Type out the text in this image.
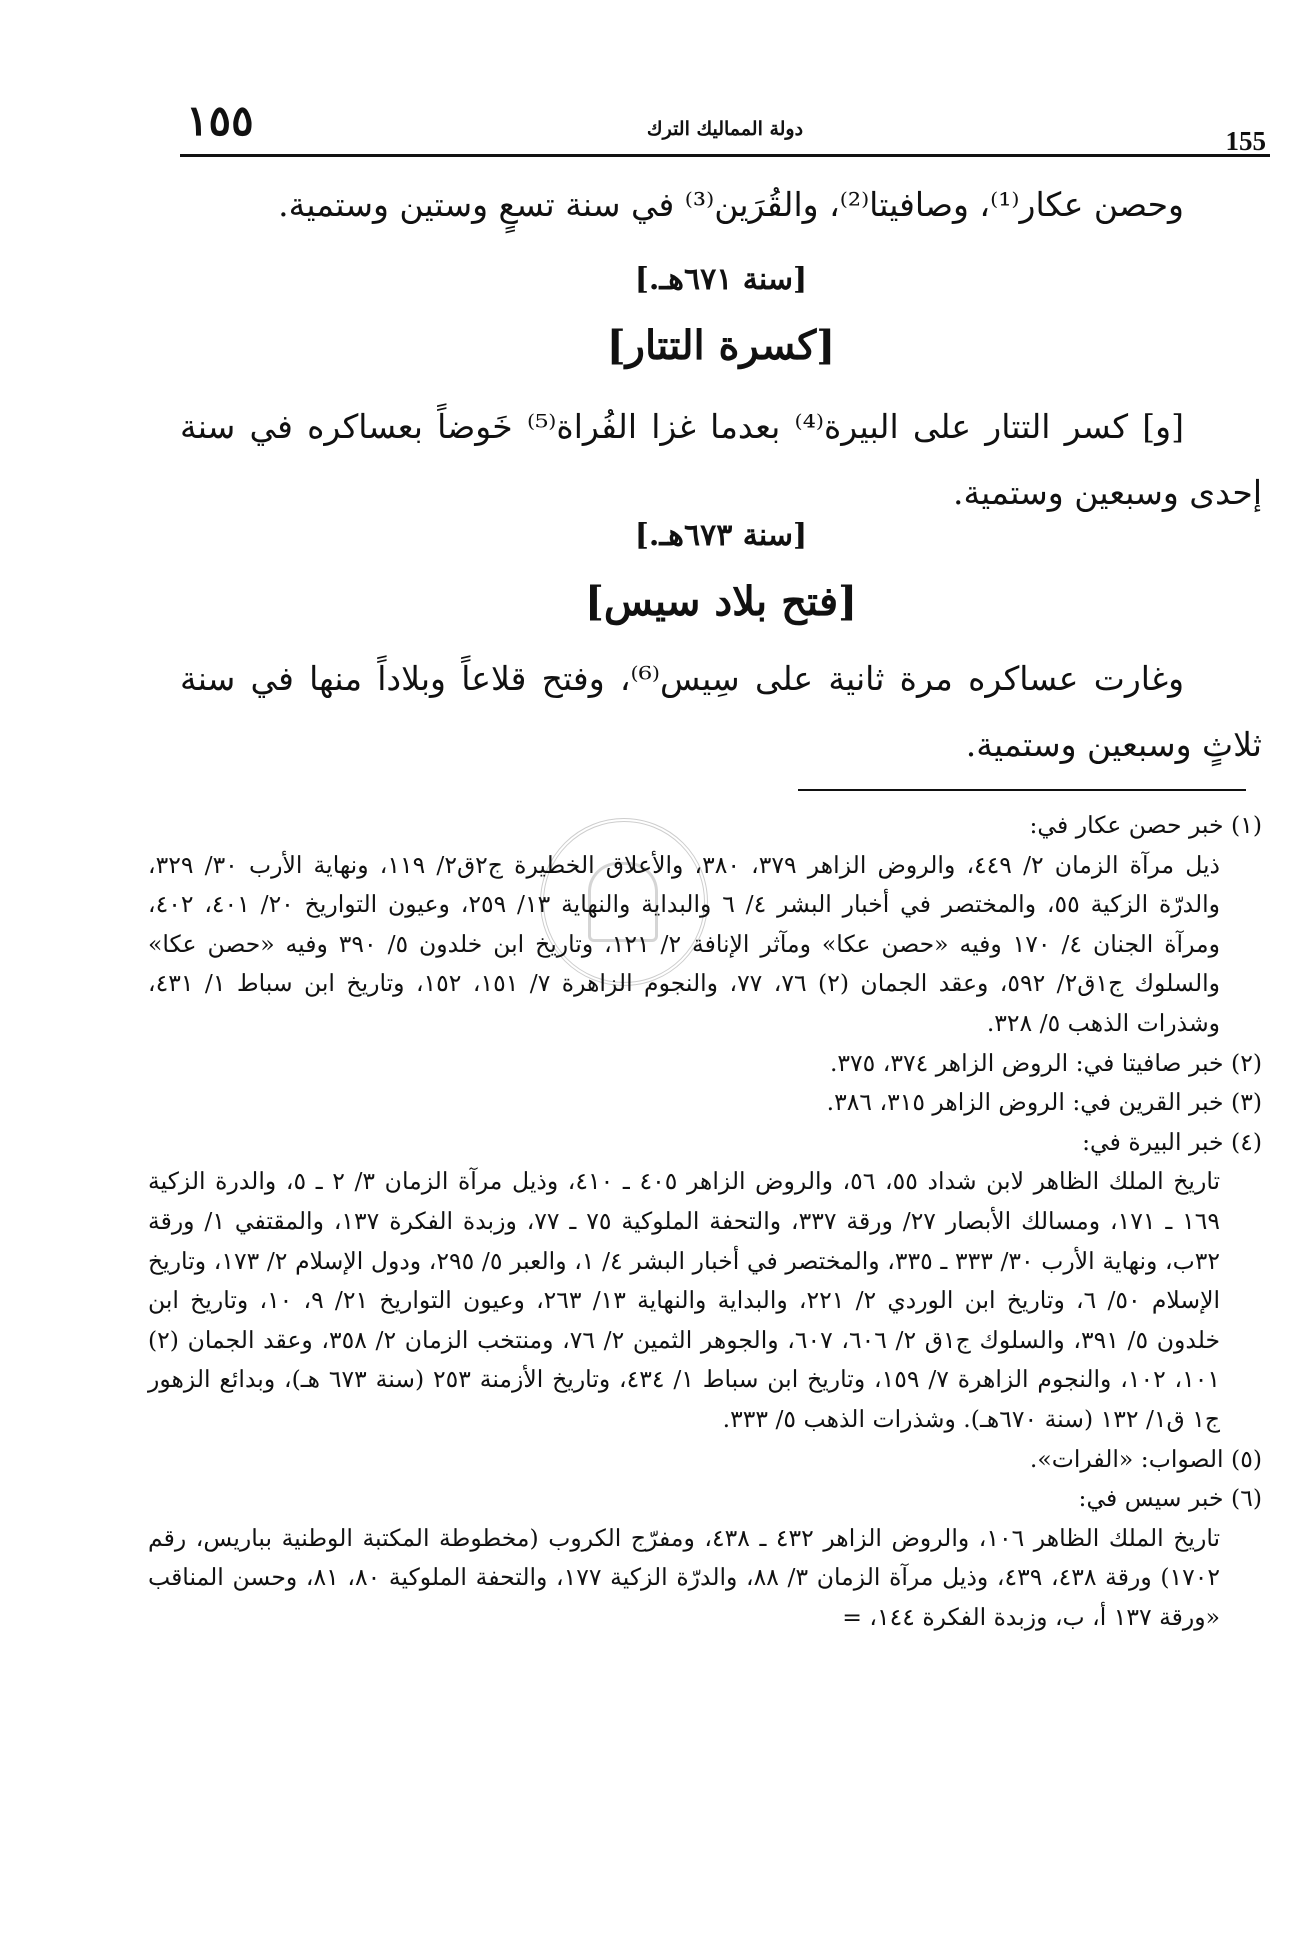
١٥٥	دولة المماليك الترك	155

وحصن عكار⁽¹⁾، وصافيتا⁽²⁾، والقُرَين⁽³⁾ في سنة تسعٍ وستين وستمية.

[سنة ٦٧١هـ.]
[كسرة التتار]

[و] كسر التتار على البيرة⁽⁴⁾ بعدما غزا الفُراة⁽⁵⁾ خَوضاً بعساكره في سنة إحدى وسبعين وستمية.

[سنة ٦٧٣هـ.]
[فتح بلاد سيس]

وغارت عساكره مرة ثانية على سِيس⁽⁶⁾، وفتح قلاعاً وبلاداً منها في سنة ثلاثٍ وسبعين وستمية.

(١) خبر حصن عكار في:

ذيل مرآة الزمان ٢/ ٤٤٩، والروض الزاهر ٣٧٩، ٣٨٠، والأعلاق الخطيرة ج٢ق٢/ ١١٩، ونهاية الأرب ٣٠/ ٣٢٩، والدرّة الزكية ٥٥، والمختصر في أخبار البشر ٤/ ٦ والبداية والنهاية ١٣/ ٢٥٩، وعيون التواريخ ٢٠/ ٤٠١، ٤٠٢، ومرآة الجنان ٤/ ١٧٠ وفيه «حصن عكا» ومآثر الإنافة ٢/ ١٢١، وتاريخ ابن خلدون ٥/ ٣٩٠ وفيه «حصن عكا» والسلوك ج١ق٢/ ٥٩٢، وعقد الجمان (٢) ٧٦، ٧٧، والنجوم الزاهرة ٧/ ١٥١، ١٥٢، وتاريخ ابن سباط ١/ ٤٣١، وشذرات الذهب ٥/ ٣٢٨.

(٢) خبر صافيتا في: الروض الزاهر ٣٧٤، ٣٧٥.

(٣) خبر القرين في: الروض الزاهر ٣١٥، ٣٨٦.

(٤) خبر البيرة في:

تاريخ الملك الظاهر لابن شداد ٥٥، ٥٦، والروض الزاهر ٤٠٥ ـ ٤١٠، وذيل مرآة الزمان ٣/ ٢ ـ ٥، والدرة الزكية ١٦٩ ـ ١٧١، ومسالك الأبصار ٢٧/ ورقة ٣٣٧، والتحفة الملوكية ٧٥ ـ ٧٧، وزبدة الفكرة ١٣٧، والمقتفي ١/ ورقة ٣٢ب، ونهاية الأرب ٣٠/ ٣٣٣ ـ ٣٣٥، والمختصر في أخبار البشر ٤/ ١، والعبر ٥/ ٢٩٥، ودول الإسلام ٢/ ١٧٣، وتاريخ الإسلام ٥٠/ ٦، وتاريخ ابن الوردي ٢/ ٢٢١، والبداية والنهاية ١٣/ ٢٦٣، وعيون التواريخ ٢١/ ٩، ١٠، وتاريخ ابن خلدون ٥/ ٣٩١، والسلوك ج١ق ٢/ ٦٠٦، ٦٠٧، والجوهر الثمين ٢/ ٧٦، ومنتخب الزمان ٢/ ٣٥٨، وعقد الجمان (٢) ١٠١، ١٠٢، والنجوم الزاهرة ٧/ ١٥٩، وتاريخ ابن سباط ١/ ٤٣٤، وتاريخ الأزمنة ٢٥٣ (سنة ٦٧٣ هـ)، وبدائع الزهور ج١ ق١/ ١٣٢ (سنة ٦٧٠هـ). وشذرات الذهب ٥/ ٣٣٣.

(٥) الصواب: «الفرات».

(٦) خبر سيس في:

تاريخ الملك الظاهر ١٠٦، والروض الزاهر ٤٣٢ ـ ٤٣٨، ومفرّج الكروب (مخطوطة المكتبة الوطنية بباريس، رقم ١٧٠٢) ورقة ٤٣٨، ٤٣٩، وذيل مرآة الزمان ٣/ ٨٨، والدرّة الزكية ١٧٧، والتحفة الملوكية ٨٠، ٨١، وحسن المناقب «ورقة ١٣٧ أ، ب، وزبدة الفكرة ١٤٤، =
